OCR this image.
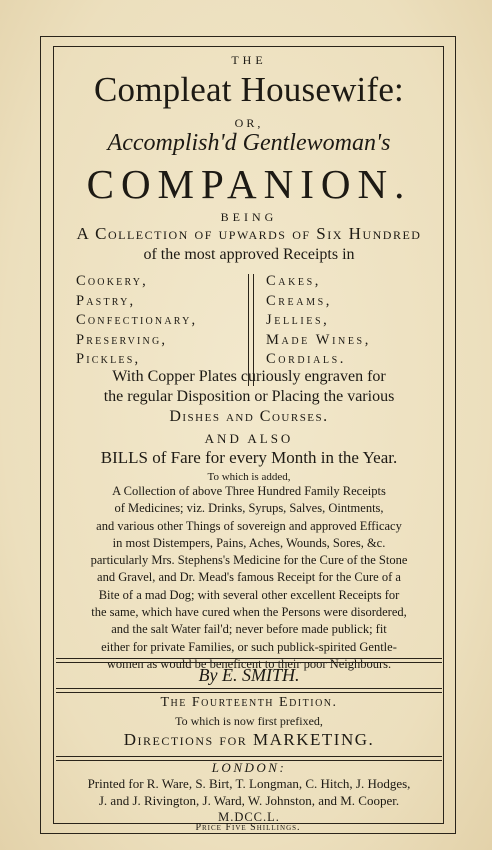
THE
Compleat Housewife:
OR,
Accomplish'd Gentlewoman's
COMPANION.
BEING
A Collection of upwards of Six Hundred
of the most approved Receipts in
Cookery,
Pastry,
Confectionary,
Preserving,
Pickles,
Cakes,
Creams,
Jellies,
Made Wines,
Cordials.
With Copper Plates curiously engraven for
the regular Disposition or Placing the various
Dishes and Courses.
AND ALSO
BILLS of Fare for every Month in the Year.
To which is added,
A Collection of above Three Hundred Family Receipts
of Medicines; viz. Drinks, Syrups, Salves, Ointments,
and various other Things of sovereign and approved Efficacy
in most Distempers, Pains, Aches, Wounds, Sores, &c.
particularly Mrs. Stephens's Medicine for the Cure of the Stone
and Gravel, and Dr. Mead's famous Receipt for the Cure of a
Bite of a mad Dog; with several other excellent Receipts for
the same, which have cured when the Persons were disordered,
and the salt Water fail'd; never before made publick; fit
either for private Families, or such publick-spirited Gentle-
women as would be beneficent to their poor Neighbours.
By E. SMITH.
The Fourteenth Edition.
To which is now first prefixed,
Directions for MARKETING.
LONDON:
Printed for R. Ware, S. Birt, T. Longman, C. Hitch, J. Hodges,
J. and J. Rivington, J. Ward, W. Johnston, and M. Cooper.
M.DCC.L.
Price Five Shillings.
